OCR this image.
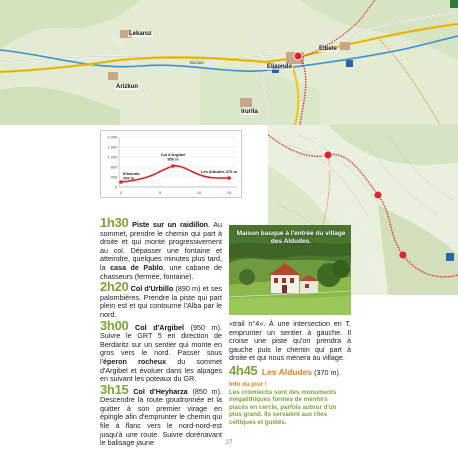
Lekaroz
Elizondo
Arizkun
Elbete
Irurita
Baztan
2 000
1 600
1 200
800
400
0
0	5	10	15
Elizondo
200 m
Col d'Argibel
950 m
Les Aldudes 370 m

1h30 Piste sur un raidillon. Au sommet, prendre le chemin qui part à droite et qui monte progressivement au col. Dépasser une fontaine et atteindre, quelques minutes plus tard, la casa de Pablo, une cabane de chasseurs (fermée, fontaine).

2h20 Col d'Urbillo (890 m) et ses palombières. Prendre la piste qui part plein est et qui contourne l'Alba par le nord.

3h00 Col d'Argibel (950 m). Suivre le GRT 5 en direction de Berdaritz sur un sentier qui monte en gros vers le nord. Passer sous l'éperon rocheux du sommet d'Argibel et évoluer dans les alpages en suivant les poteaux du GR.

3h15 Col d'Heyharza (850 m). Descendre la route goudronnée et la quitter à son premier virage en épingle afin d'emprunter le chemin qui file à flanc vers le nord-nord-est jusqu'à une route. Suivre dorénavant le balisage jaune

Maison basque à l'entrée du village des Aldudes.

«trail n°4». À une intersection en T, emprunter un sentier à gauche. Il croise une piste qu'on prendra à gauche puis le chemin qui part à droite et qui nous mènera au village.

4h45 Les Aldudes (370 m).
Info du jour !
Les cromlechs sont des monuments mégalithiques formés de menhirs placés en cercle, parfois autour d'un plus grand. Ils servaient aux rites celtiques et guidés.
27
